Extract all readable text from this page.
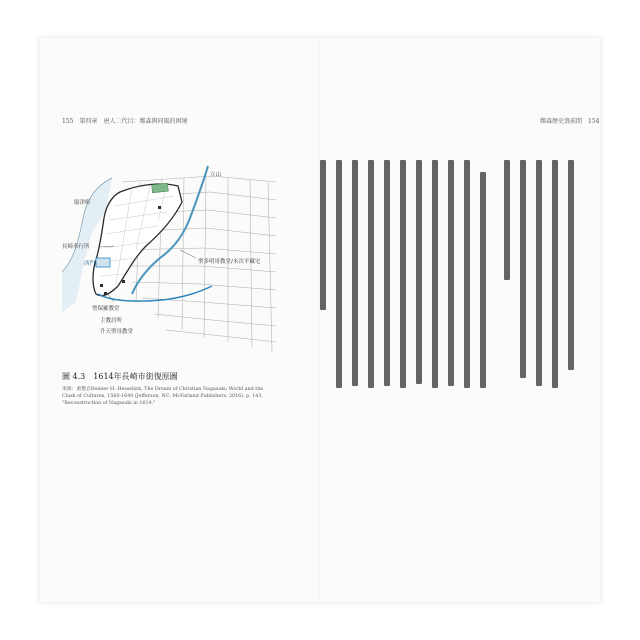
155　第四章　唐人二代目：鄭森與同風的困境	鄭森歷史浪前間　154
立山
船津町
長崎奉行所
西門	聖多明哥教堂/末次平藏宅
聖保羅教堂
主教居所
升天聖母教堂
圖 4.3　1614年長崎市街復原圖
來源：重製自Reinier H. Hesselink, The Dream of Christian Nagasaki: World and the Clash of Cultures, 1560-1640 (Jefferson, NC: McFarland Publishers, 2016), p. 143, "Reconstruction of Nagasaki in 1614."
